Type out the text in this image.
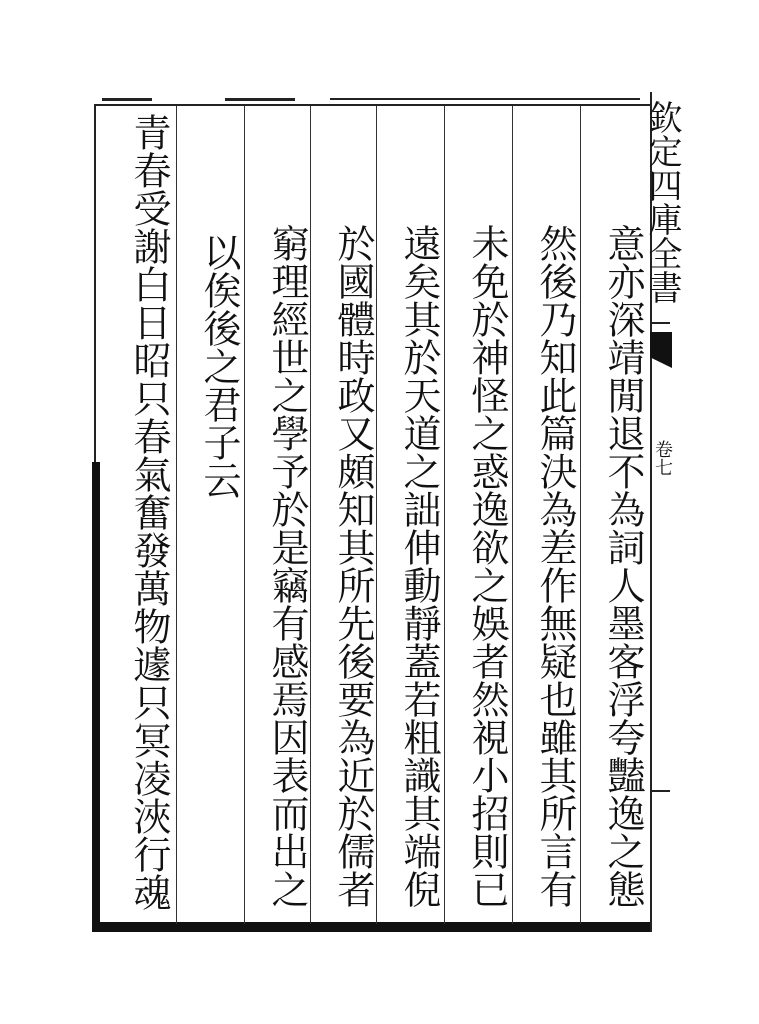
意亦深靖閒退不為詞人墨客浮夸豔逸之態
然後乃知此篇決為差作無疑也雖其所言有
未免於神怪之惑逸欲之娛者然視小招則已
遠矣其於天道之詘伸動靜蓋若粗識其端倪
於國體時政又頗知其所先後要為近於儒者
窮理經世之學予於是竊有感焉因表而出之
以俟後之君子云
青春受謝白日昭只春氣奮發萬物遽只冥凌浹行魂	欽定四庫全書
卷七
